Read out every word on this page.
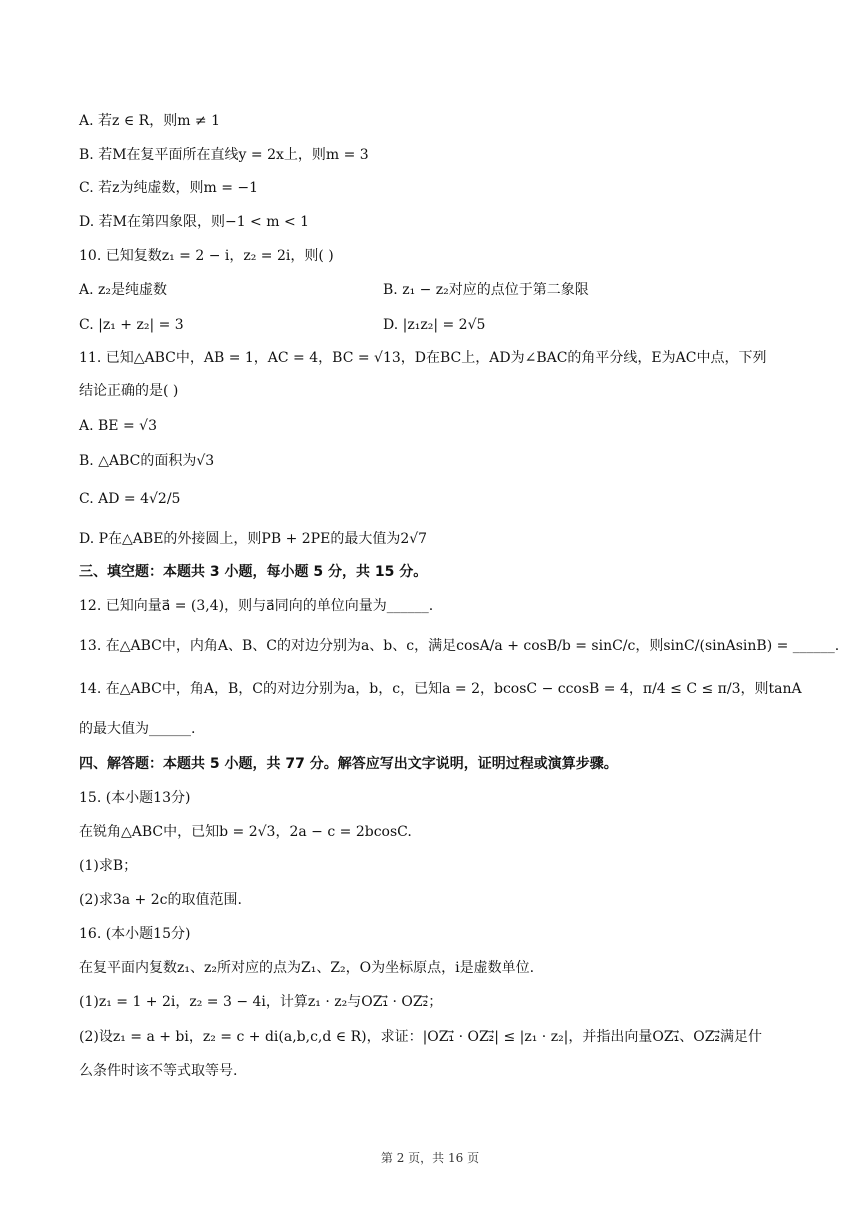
A. 若z ∈ R，则m ≠ 1
B. 若M在复平面所在直线y = 2x上，则m = 3
C. 若z为纯虚数，则m = −1
D. 若M在第四象限，则−1 < m < 1
10. 已知复数z₁ = 2 − i，z₂ = 2i，则( )
A. z₂是纯虚数	B. z₁ − z₂对应的点位于第二象限
C. |z₁ + z₂| = 3	D. |z₁z₂| = 2√5
11. 已知△ABC中，AB = 1，AC = 4，BC = √13，D在BC上，AD为∠BAC的角平分线，E为AC中点，下列
结论正确的是( )
A. BE = √3
B. △ABC的面积为√3
C. AD = 4√2/5
D. P在△ABE的外接圆上，则PB + 2PE的最大值为2√7
三、填空题：本题共 3 小题，每小题 5 分，共 15 分。
12. 已知向量a⃗ = (3,4)，则与a⃗同向的单位向量为______.
13. 在△ABC中，内角A、B、C的对边分别为a、b、c，满足cosA/a + cosB/b = sinC/c，则sinC/(sinAsinB) = ______.
14. 在△ABC中，角A，B，C的对边分别为a，b，c，已知a = 2，bcosC − ccosB = 4，π/4 ≤ C ≤ π/3，则tanA
的最大值为______.
四、解答题：本题共 5 小题，共 77 分。解答应写出文字说明，证明过程或演算步骤。
15. (本小题13分)
在锐角△ABC中，已知b = 2√3，2a − c = 2bcosC.
(1)求B；
(2)求3a + 2c的取值范围.
16. (本小题15分)
在复平面内复数z₁、z₂所对应的点为Z₁、Z₂，O为坐标原点，i是虚数单位.
(1)z₁ = 1 + 2i，z₂ = 3 − 4i，计算z₁ · z₂与OZ₁⃗ · OZ₂⃗；
(2)设z₁ = a + bi，z₂ = c + di(a,b,c,d ∈ R)，求证：|OZ₁⃗ · OZ₂⃗| ≤ |z₁ · z₂|，并指出向量OZ₁⃗、OZ₂⃗满足什
么条件时该不等式取等号.
第 2 页，共 16 页
